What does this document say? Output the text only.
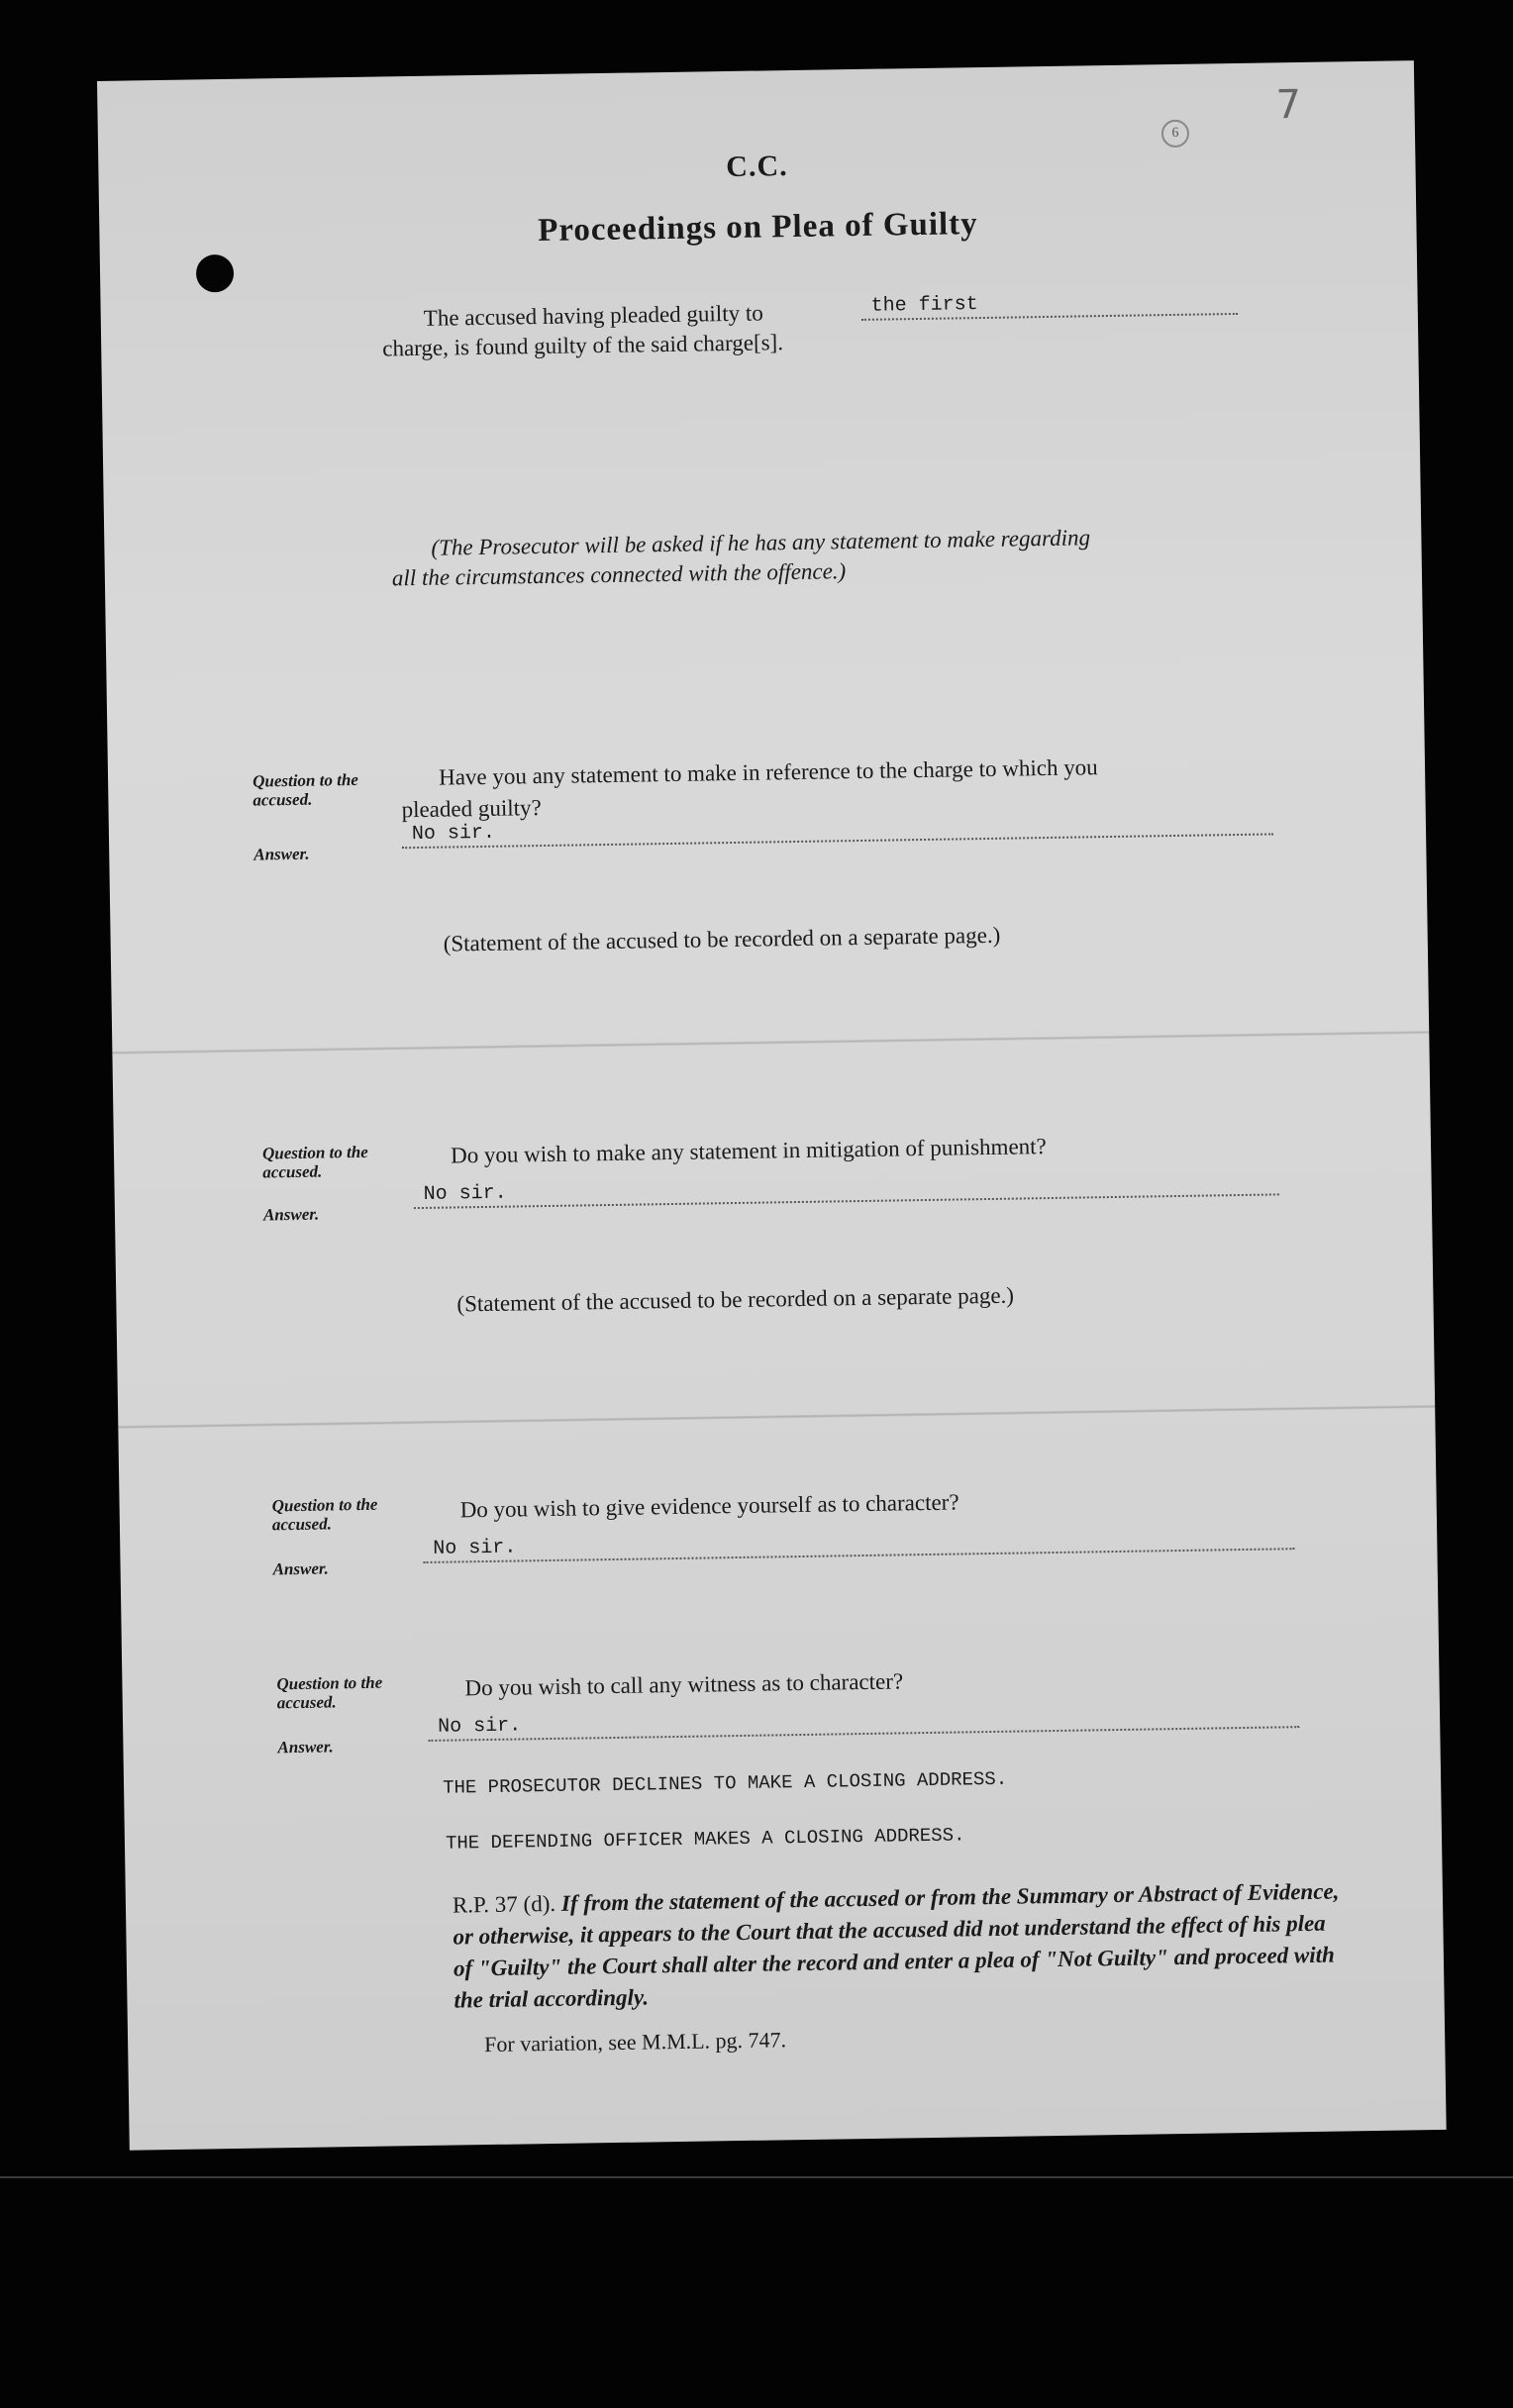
6
7
C.C.
Proceedings on Plea of Guilty
The accused having pleaded guilty to	the first
charge, is found guilty of the said charge[s].
(The Prosecutor will be asked if he has any statement to make regarding
all the circumstances connected with the offence.)
Question to the accused.
Have you any statement to make in reference to the charge to which you
pleaded guilty?
Answer.
No sir.
(Statement of the accused to be recorded on a separate page.)
Question to the accused.
Do you wish to make any statement in mitigation of punishment?
Answer.
No sir.
(Statement of the accused to be recorded on a separate page.)
Question to the accused.
Do you wish to give evidence yourself as to character?
Answer.
No sir.
Question to the accused.
Do you wish to call any witness as to character?
Answer.
No sir.
THE PROSECUTOR DECLINES TO MAKE A CLOSING ADDRESS.
THE DEFENDING OFFICER MAKES A CLOSING ADDRESS.
R.P. 37 (d). If from the statement of the accused or from the Summary or Abstract of Evidence, or otherwise, it appears to the Court that the accused did not understand the effect of his plea of "Guilty" the Court shall alter the record and enter a plea of "Not Guilty" and proceed with the trial accordingly.
For variation, see M.M.L. pg. 747.
